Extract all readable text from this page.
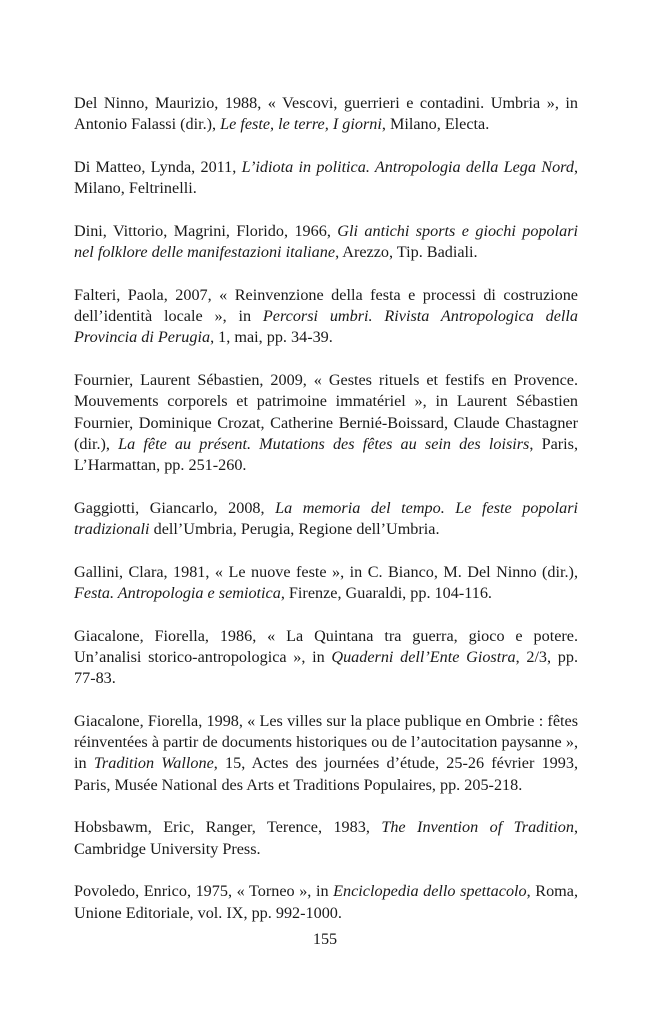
Del Ninno, Maurizio, 1988, « Vescovi, guerrieri e contadini. Umbria », in Antonio Falassi (dir.), Le feste, le terre, I giorni, Milano, Electa.

Di Matteo, Lynda, 2011, L’idiota in politica. Antropologia della Lega Nord, Milano, Feltrinelli.

Dini, Vittorio, Magrini, Florido, 1966, Gli antichi sports e giochi popolari nel folklore delle manifestazioni italiane, Arezzo, Tip. Badiali.

Falteri, Paola, 2007, « Reinvenzione della festa e processi di costruzione dell’identità locale », in Percorsi umbri. Rivista Antropologica della Provincia di Perugia, 1, mai, pp. 34-39.

Fournier, Laurent Sébastien, 2009, « Gestes rituels et festifs en Provence. Mouvements corporels et patrimoine immatériel », in Laurent Sébastien Fournier, Dominique Crozat, Catherine Bernié-Boissard, Claude Chastagner (dir.), La fête au présent. Mutations des fêtes au sein des loisirs, Paris, L’Harmattan, pp. 251-260.

Gaggiotti, Giancarlo, 2008, La memoria del tempo. Le feste popolari tradizionali dell’Umbria, Perugia, Regione dell’Umbria.

Gallini, Clara, 1981, « Le nuove feste », in C. Bianco, M. Del Ninno (dir.), Festa. Antropologia e semiotica, Firenze, Guaraldi, pp. 104-116.

Giacalone, Fiorella, 1986, « La Quintana tra guerra, gioco e potere. Un’analisi storico-antropologica », in Quaderni dell’Ente Giostra, 2/3, pp. 77-83.

Giacalone, Fiorella, 1998, « Les villes sur la place publique en Ombrie : fêtes réinventées à partir de documents historiques ou de l’autocitation paysanne », in Tradition Wallone, 15, Actes des journées d’étude, 25-26 février 1993, Paris, Musée National des Arts et Traditions Populaires, pp. 205-218.

Hobsbawm, Eric, Ranger, Terence, 1983, The Invention of Tradition, Cambridge University Press.

Povoledo, Enrico, 1975, « Torneo », in Enciclopedia dello spettacolo, Roma, Unione Editoriale, vol. IX, pp. 992-1000.

155
